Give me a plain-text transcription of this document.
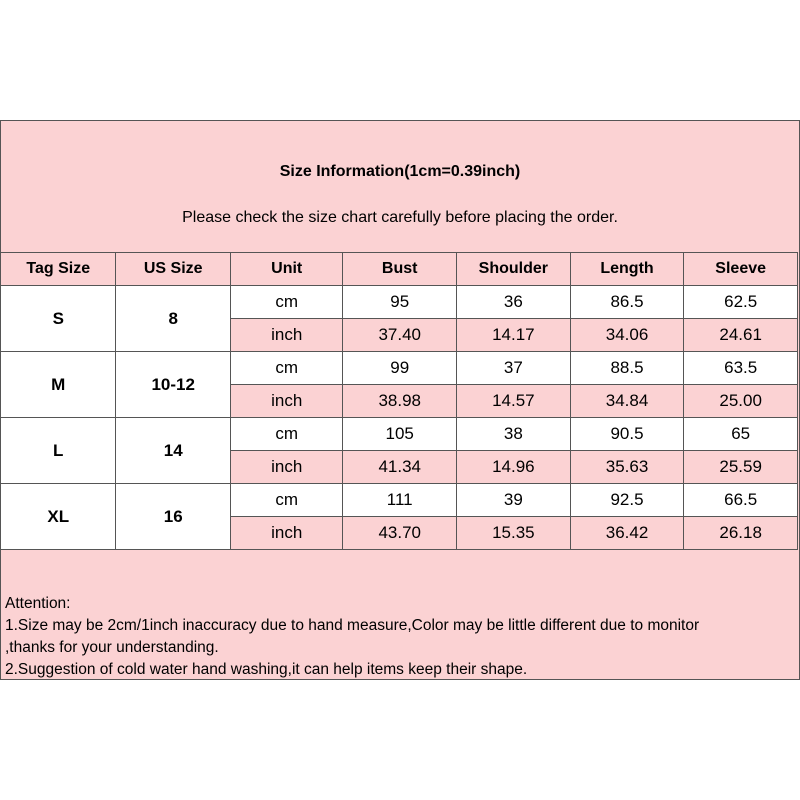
Size Information(1cm=0.39inch)
Please check the size chart carefully before placing the order.
Tag Size	US Size	Unit	Bust	Shoulder	Length	Sleeve
S	8	cm	95	36	86.5	62.5
		inch	37.40	14.17	34.06	24.61
M	10-12	cm	99	37	88.5	63.5
		inch	38.98	14.57	34.84	25.00
L	14	cm	105	38	90.5	65
		inch	41.34	14.96	35.63	25.59
XL	16	cm	111	39	92.5	66.5
		inch	43.70	15.35	36.42	26.18
Attention:
1.Size may be 2cm/1inch inaccuracy due to hand measure,Color may be little different due to monitor
,thanks for your understanding.
2.Suggestion of cold water hand washing,it can help items keep their shape.
